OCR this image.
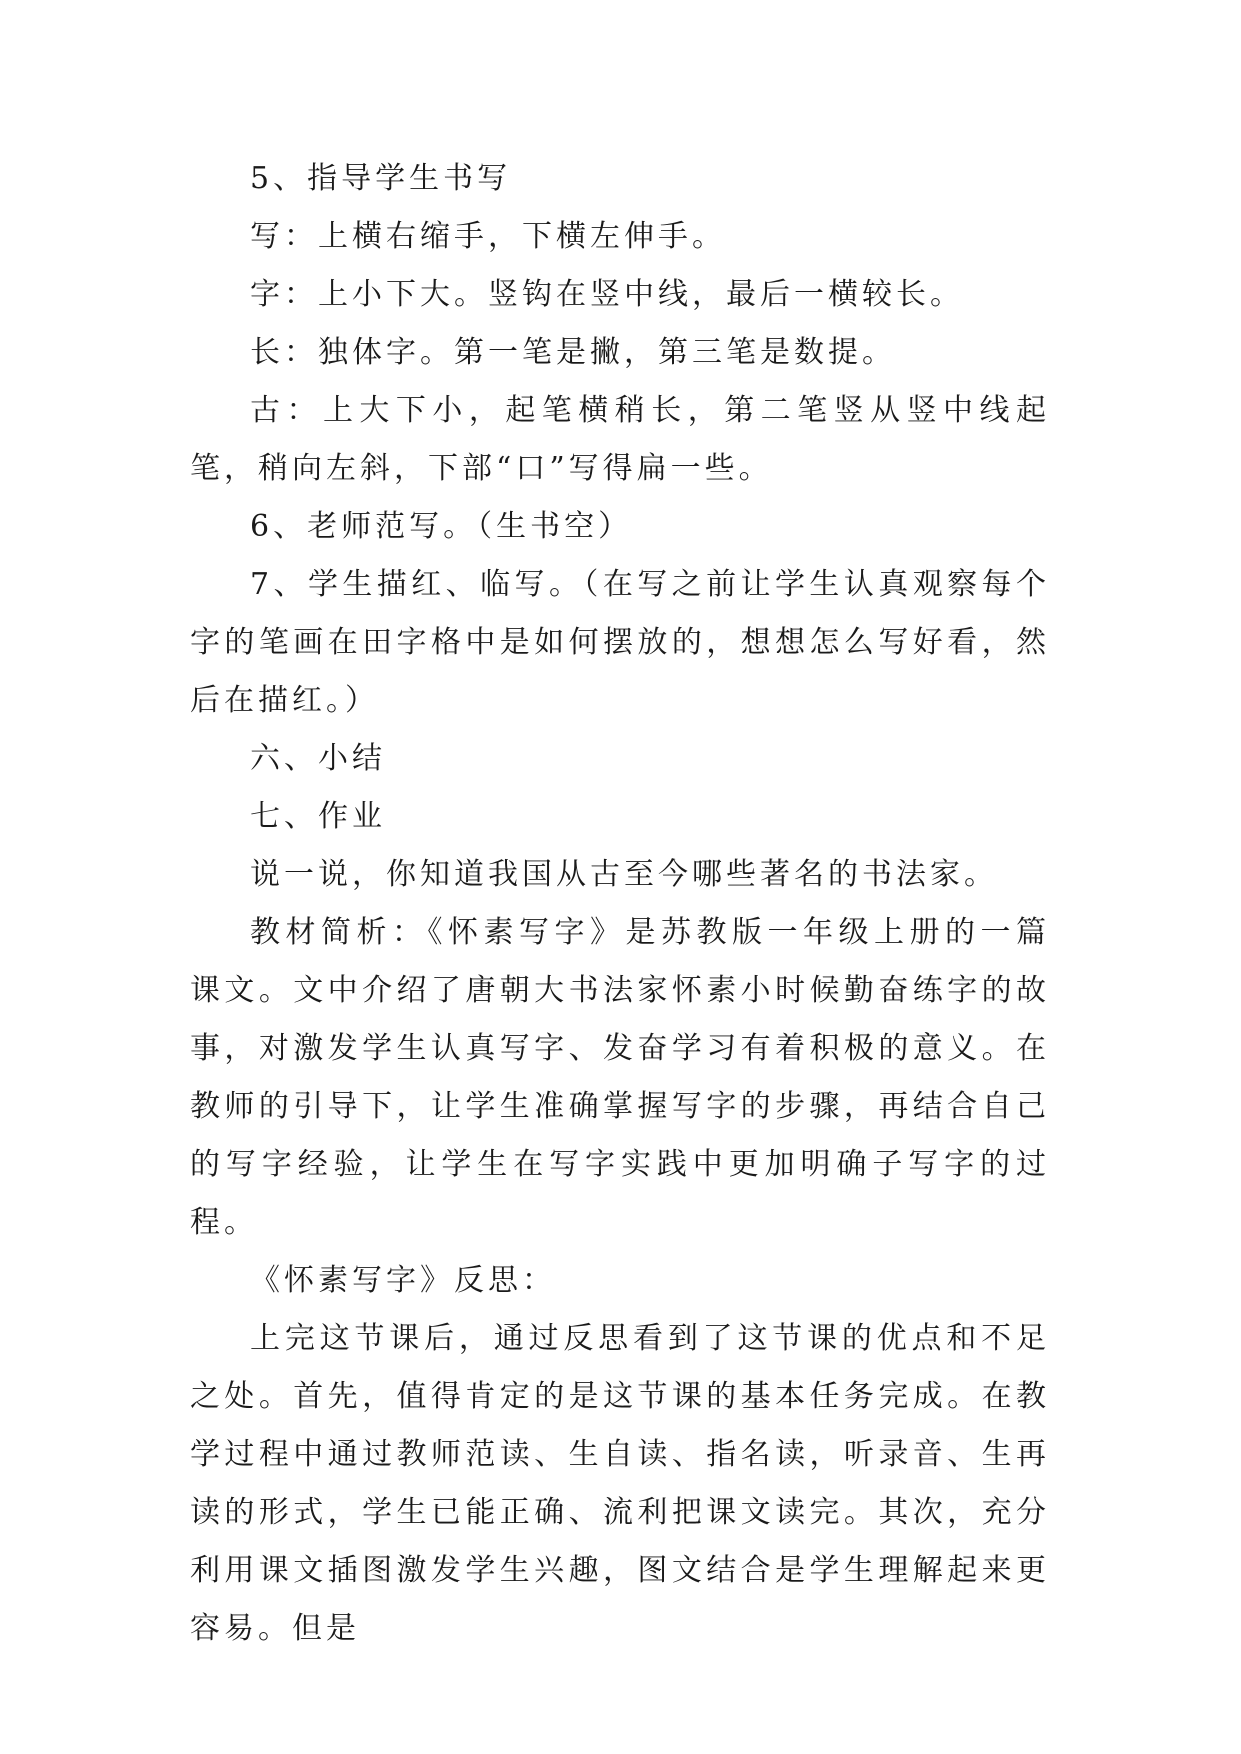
5、指导学生书写

写：上横右缩手，下横左伸手。

字：上小下大。竖钩在竖中线，最后一横较长。

长：独体字。第一笔是撇，第三笔是数提。

古：上大下小，起笔横稍长，第二笔竖从竖中线起笔，稍向左斜，下部“口”写得扁一些。

6、老师范写。（生书空）

7、学生描红、临写。（在写之前让学生认真观察每个字的笔画在田字格中是如何摆放的，想想怎么写好看，然后在描红。）

六、小结

七、作业

说一说，你知道我国从古至今哪些著名的书法家。

教材简析：《怀素写字》是苏教版一年级上册的一篇课文。文中介绍了唐朝大书法家怀素小时候勤奋练字的故事，对激发学生认真写字、发奋学习有着积极的意义。在教师的引导下，让学生准确掌握写字的步骤，再结合自己的写字经验，让学生在写字实践中更加明确子写字的过程。

《怀素写字》反思：

上完这节课后，通过反思看到了这节课的优点和不足之处。首先，值得肯定的是这节课的基本任务完成。在教学过程中通过教师范读、生自读、指名读，听录音、生再读的形式，学生已能正确、流利把课文读完。其次，充分利用课文插图激发学生兴趣，图文结合是学生理解起来更容易。但是
